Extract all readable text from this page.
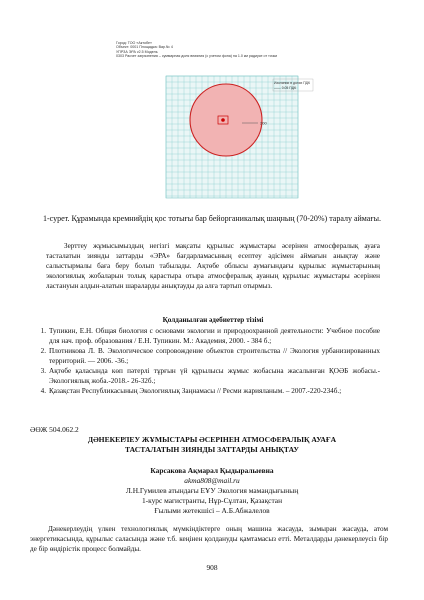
Город: ТОО «Актобе»
Объект: 0001 Площадка: Вар.№ 4
УПРЗА ЭРА v2.5 Модель
0303 Расчет загрязнения – суммарная доля влияния (с учетом фона) на 1.0 км радиусе от точки
200
Изолинии в долях ПДК
—— 0.05 ПДК
1-сурет. Құрамында кремнийдің қос тотығы бар бейорганикалық шаңның (70-20%) таралу аймағы.

Зерттеу жұмысымыздың негізгі мақсаты құрылыс жұмыстары әсерінен атмосфералық ауаға тасталатын зиянды заттарды «ЭРА» бағдарламасының есептеу әдісімен аймағын анықтау және салыстырмалы баға беру болып табылады. Ақтөбе облысы аумағындағы құрылыс жұмыстарының экологиялық жобаларын толық қарастыра отыра атмосфералық ауаның құрылыс жұмыстары әсерінен ластануын алдын-алатын шараларды анықтауды да алға тартып отырмыз.

Қолданылған әдебиеттер тізімі
1. Тупикин, Е.Н. Общая биология с основами экологии и природоохранной деятельности: Учебное пособие для нач. проф. образования / Е.Н. Тупикин. М.: Академия, 2000. - 384 б.;
2. Плотникова Л. В. Экологическое сопровождение объектов строительства // Экология урбанизированных территорий. — 2006. -36.;
3. Ақтөбе қаласында көп пәтерлі тұрғын үй құрылысы жұмыс жобасына жасалынған ҚОӘБ жобасы.-Экологиялық жоба.-2018.- 26-32б.;
4. Қазақстан Республикасының Экологиялық Заңнамасы // Ресми жарияланым. – 2007.-220-234б.;
ӘӨЖ 504.062.2
ДӘНЕКЕРЛЕУ ЖҰМЫСТАРЫ ӘСЕРІНЕН АТМОСФЕРАЛЫҚ АУАҒА
ТАСТАЛАТЫН ЗИЯНДЫ ЗАТТАРДЫ АНЫҚТАУ
Карсакова Ақмарал Қыдыралыевна
akma808@mail.ru
Л.Н.Гумилев атындағы ЕҰУ Экология мамандығының
1-курс магистранты, Нұр-Сұлтан, Қазақстан
Ғылыми жетекшісі – А.Б.Абжалелов

Дәнекерлеудің үлкен технологиялық мүмкіндіктерге оның машина жасауда, зымыран жасауда, атом энергетикасында, құрылыс саласында және т.б. кеңінен қолдануды қамтамасыз етті. Металдарды дәнекерлеусіз бір де бір өндірістік процесс болмайды.

908
